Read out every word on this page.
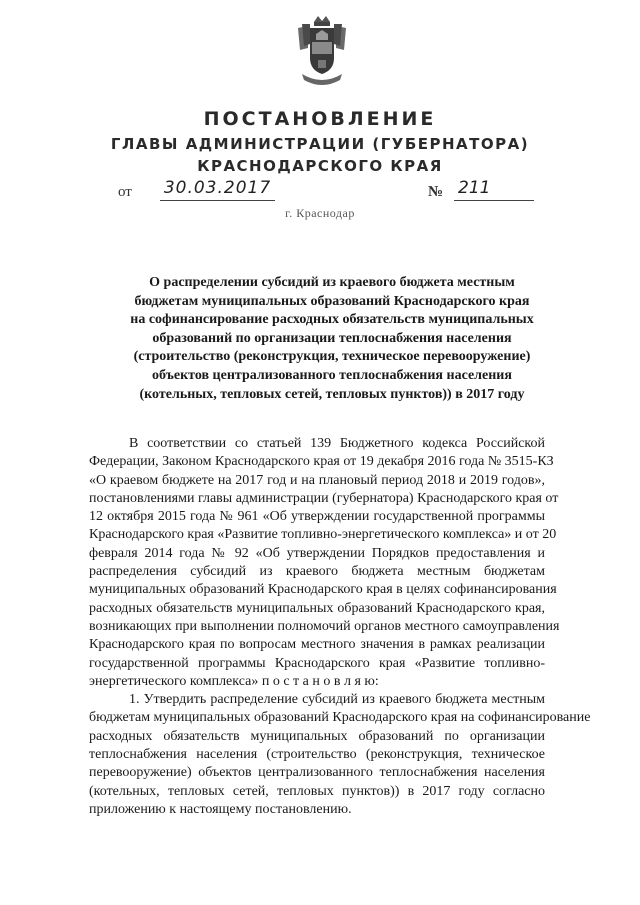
ПОСТАНОВЛЕНИЕ
ГЛАВЫ АДМИНИСТРАЦИИ (ГУБЕРНАТОРА)
КРАСНОДАРСКОГО КРАЯ
от 30.03.2017	№ 211
г. Краснодар
О распределении субсидий из краевого бюджета местным
бюджетам муниципальных образований Краснодарского края
на софинансирование расходных обязательств муниципальных
образований по организации теплоснабжения населения
(строительство (реконструкция, техническое перевооружение)
объектов централизованного теплоснабжения населения
(котельных, тепловых сетей, тепловых пунктов)) в 2017 году
В соответствии со статьей 139 Бюджетного кодекса Российской
Федерации, Законом Краснодарского края от 19 декабря 2016 года № 3515-КЗ
«О краевом бюджете на 2017 год и на плановый период 2018 и 2019 годов»,
постановлениями главы администрации (губернатора) Краснодарского края от
12 октября 2015 года № 961 «Об утверждении государственной программы
Краснодарского края «Развитие топливно-энергетического комплекса» и от 20
февраля 2014 года № 92 «Об утверждении Порядков предоставления и
распределения субсидий из краевого бюджета местным бюджетам
муниципальных образований Краснодарского края в целях софинансирования
расходных обязательств муниципальных образований Краснодарского края,
возникающих при выполнении полномочий органов местного самоуправления
Краснодарского края по вопросам местного значения в рамках реализации
государственной программы Краснодарского края «Развитие топливно-
энергетического комплекса» п о с т а н о в л я ю:
1. Утвердить распределение субсидий из краевого бюджета местным
бюджетам муниципальных образований Краснодарского края на софинансирование
расходных обязательств муниципальных образований по организации
теплоснабжения населения (строительство (реконструкция, техническое
перевооружение) объектов централизованного теплоснабжения населения
(котельных, тепловых сетей, тепловых пунктов)) в 2017 году согласно
приложению к настоящему постановлению.
